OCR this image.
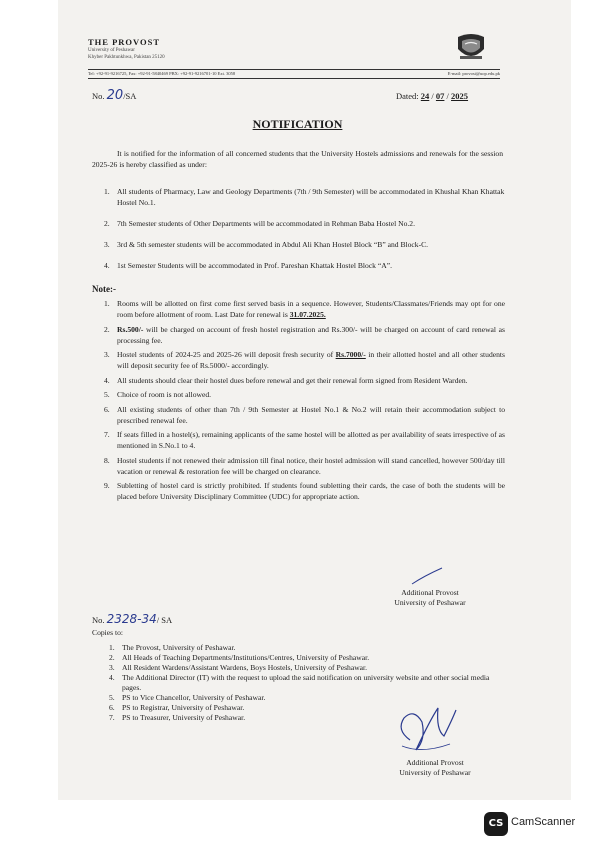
THE PROVOST
University of Peshawar
Khyber Pakhtunkhwa, Pakistan 25120
Tel: +92-91-9216725, Fax: +92-91-5840469 PBX: +92-91-9216701-10 Ext. 3058	E-mail: provost@uop.edu.pk
No. 20/SA	Dated: 24 / 07 / 2025
NOTIFICATION
It is notified for the information of all concerned students that the University Hostels admissions and renewals for the session 2025-26 is hereby classified as under:
1. All students of Pharmacy, Law and Geology Departments (7th / 9th Semester) will be accommodated in Khushal Khan Khattak Hostel No.1.
2. 7th Semester students of Other Departments will be accommodated in Rehman Baba Hostel No.2.
3. 3rd & 5th semester students will be accommodated in Abdul Ali Khan Hostel Block “B” and Block-C.
4. 1st Semester Students will be accommodated in Prof. Pareshan Khattak Hostel Block “A”.
Note:-
1. Rooms will be allotted on first come first served basis in a sequence. However, Students/Classmates/Friends may opt for one room before allotment of room. Last Date for renewal is 31.07.2025.
2. Rs.500/- will be charged on account of fresh hostel registration and Rs.300/- will be charged on account of card renewal as processing fee.
3. Hostel students of 2024-25 and 2025-26 will deposit fresh security of Rs.7000/- in their allotted hostel and all other students will deposit security fee of Rs.5000/- accordingly.
4. All students should clear their hostel dues before renewal and get their renewal form signed from Resident Warden.
5. Choice of room is not allowed.
6. All existing students of other than 7th / 9th Semester at Hostel No.1 & No.2 will retain their accommodation subject to prescribed renewal fee.
7. If seats filled in a hostel(s), remaining applicants of the same hostel will be allotted as per availability of seats irrespective of as mentioned in S.No.1 to 4.
8. Hostel students if not renewed their admission till final notice, their hostel admission will stand cancelled, however 500/day till vacation or renewal & restoration fee will be charged on clearance.
9. Subletting of hostel card is strictly prohibited. If students found subletting their cards, the case of both the students will be placed before University Disciplinary Committee (UDC) for appropriate action.
Additional Provost
University of Peshawar
No. 2328-34/ SA
Copies to:
1. The Provost, University of Peshawar.
2. All Heads of Teaching Departments/Institutions/Centres, University of Peshawar.
3. All Resident Wardens/Assistant Wardens, Boys Hostels, University of Peshawar.
4. The Additional Director (IT) with the request to upload the said notification on university website and other social media pages.
5. PS to Vice Chancellor, University of Peshawar.
6. PS to Registrar, University of Peshawar.
7. PS to Treasurer, University of Peshawar.
Additional Provost
University of Peshawar
CS CamScanner
